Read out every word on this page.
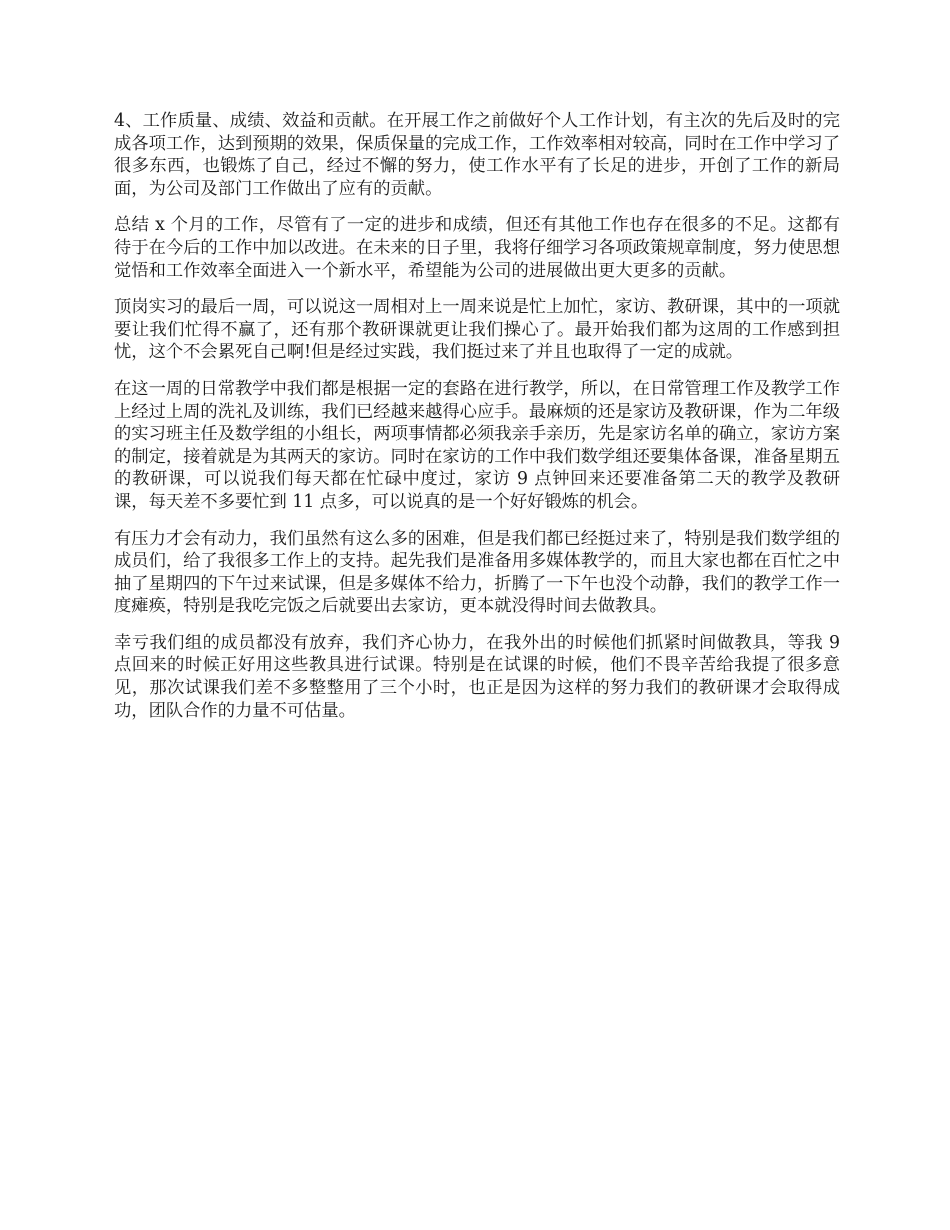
4、工作质量、成绩、效益和贡献。在开展工作之前做好个人工作计划，有主次的先后及时的完成各项工作，达到预期的效果，保质保量的完成工作，工作效率相对较高，同时在工作中学习了很多东西，也锻炼了自己，经过不懈的努力，使工作水平有了长足的进步，开创了工作的新局面，为公司及部门工作做出了应有的贡献。

总结 x 个月的工作，尽管有了一定的进步和成绩，但还有其他工作也存在很多的不足。这都有待于在今后的工作中加以改进。在未来的日子里，我将仔细学习各项政策规章制度，努力使思想觉悟和工作效率全面进入一个新水平，希望能为公司的进展做出更大更多的贡献。

顶岗实习的最后一周，可以说这一周相对上一周来说是忙上加忙，家访、教研课，其中的一项就要让我们忙得不赢了，还有那个教研课就更让我们操心了。最开始我们都为这周的工作感到担忧，这个不会累死自己啊!但是经过实践，我们挺过来了并且也取得了一定的成就。

在这一周的日常教学中我们都是根据一定的套路在进行教学，所以，在日常管理工作及教学工作上经过上周的洗礼及训练，我们已经越来越得心应手。最麻烦的还是家访及教研课，作为二年级的实习班主任及数学组的小组长，两项事情都必须我亲手亲历，先是家访名单的确立，家访方案的制定，接着就是为其两天的家访。同时在家访的工作中我们数学组还要集体备课，准备星期五的教研课，可以说我们每天都在忙碌中度过，家访 9 点钟回来还要准备第二天的教学及教研课，每天差不多要忙到 11 点多，可以说真的是一个好好锻炼的机会。

有压力才会有动力，我们虽然有这么多的困难，但是我们都已经挺过来了，特别是我们数学组的成员们，给了我很多工作上的支持。起先我们是准备用多媒体教学的，而且大家也都在百忙之中抽了星期四的下午过来试课，但是多媒体不给力，折腾了一下午也没个动静，我们的教学工作一度瘫痪，特别是我吃完饭之后就要出去家访，更本就没得时间去做教具。

幸亏我们组的成员都没有放弃，我们齐心协力，在我外出的时候他们抓紧时间做教具，等我 9 点回来的时候正好用这些教具进行试课。特别是在试课的时候，他们不畏辛苦给我提了很多意见，那次试课我们差不多整整用了三个小时，也正是因为这样的努力我们的教研课才会取得成功，团队合作的力量不可估量。
